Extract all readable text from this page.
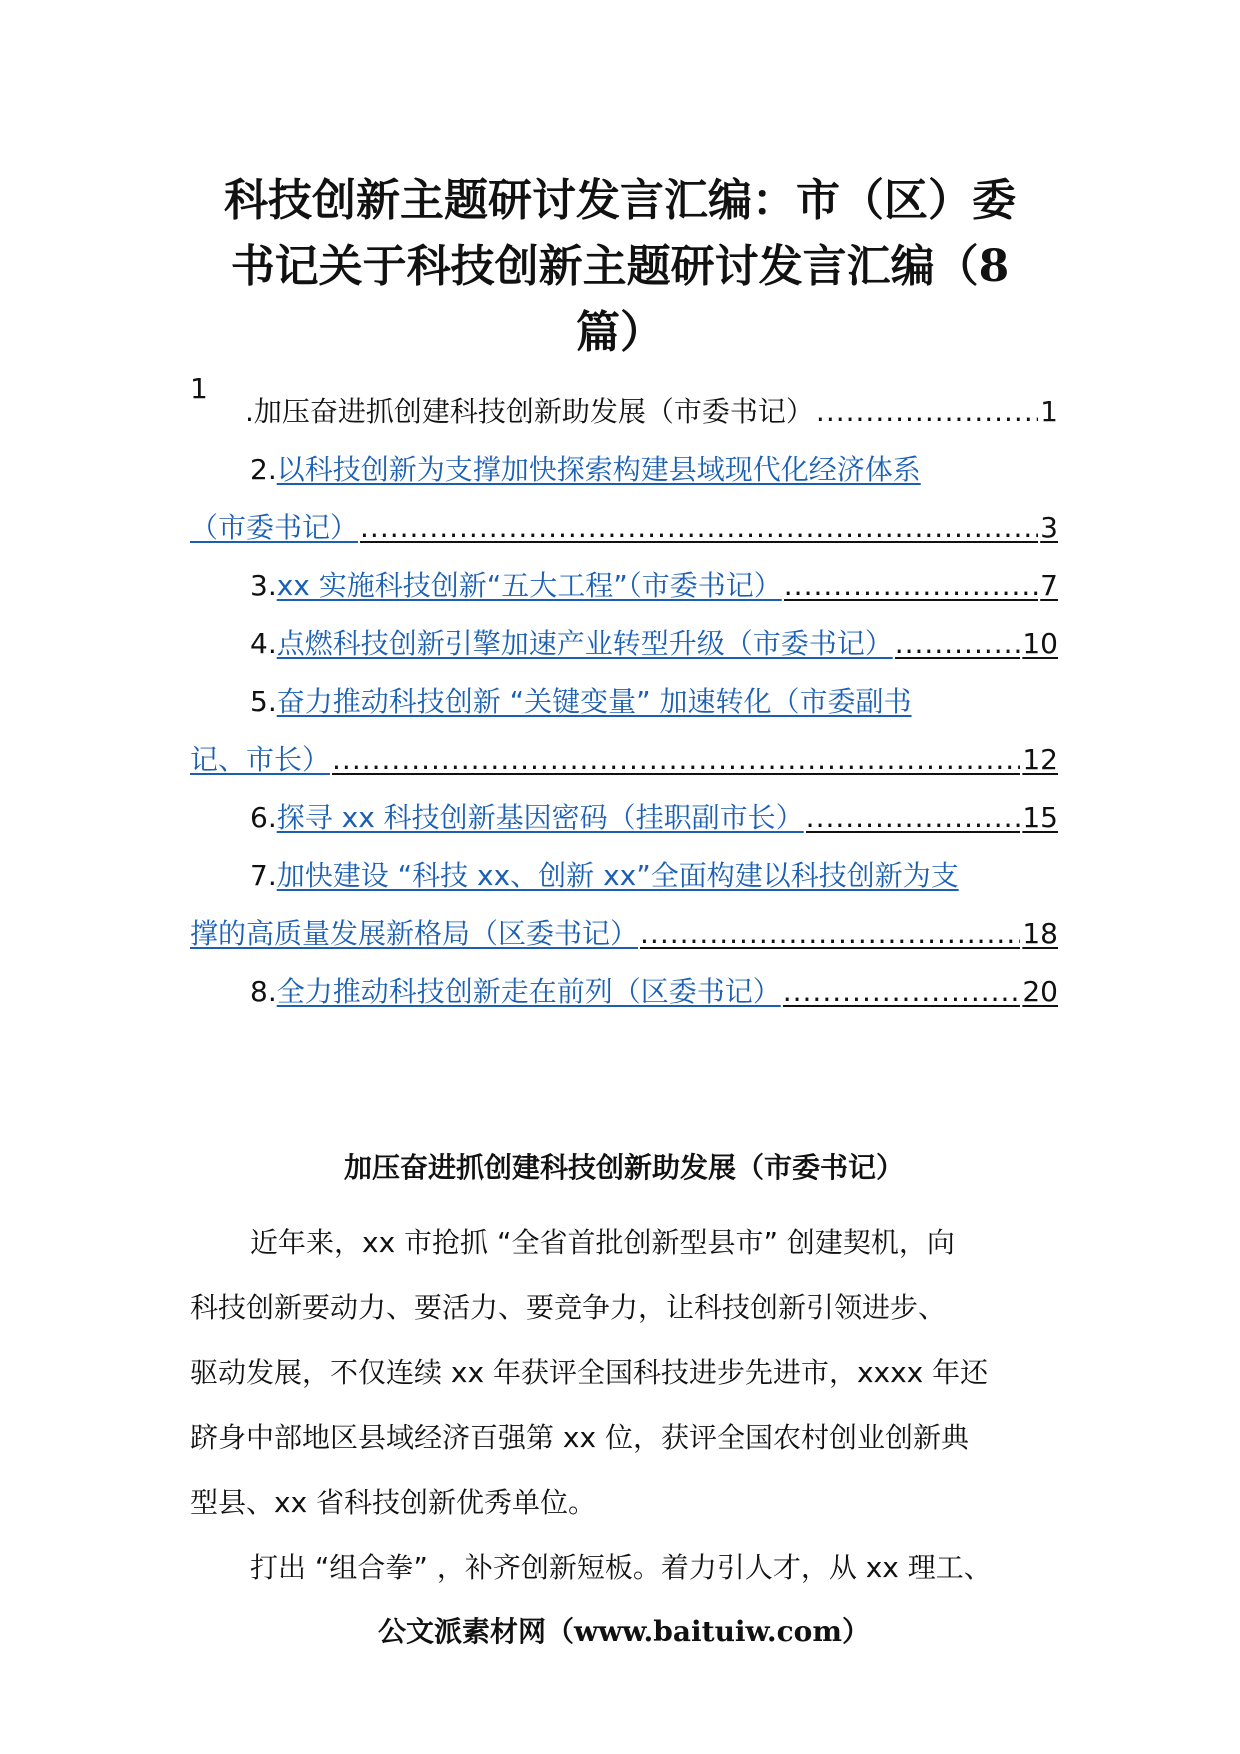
科技创新主题研讨发言汇编：市（区）委
书记关于科技创新主题研讨发言汇编（8
篇）
1
. 加压奋进抓创建科技创新助发展（市委书记） .....	1
2. 以科技创新为支撑加快探索构建县域现代化经济体系
（市委书记） .....	3
3. xx 实施科技创新“五大工程”（市委书记） .....	7
4. 点燃科技创新引擎加速产业转型升级（市委书记） .....	10
5. 奋力推动科技创新 “关键变量” 加速转化（市委副书
记、市长） .....	12
6. 探寻 xx 科技创新基因密码（挂职副市长） .....	15
7. 加快建设 “科技 xx、创新 xx”全面构建以科技创新为支
撑的高质量发展新格局（区委书记） .....	18
8. 全力推动科技创新走在前列（区委书记） .....	20
加压奋进抓创建科技创新助发展（市委书记）

近年来，xx 市抢抓 “全省首批创新型县市” 创建契机，向
科技创新要动力、要活力、要竞争力，让科技创新引领进步、
驱动发展，不仅连续 xx 年获评全国科技进步先进市，xxxx 年还
跻身中部地区县域经济百强第 xx 位，获评全国农村创业创新典
型县、xx 省科技创新优秀单位。

打出 “组合拳” ，补齐创新短板。着力引人才，从 xx 理工、

公文派素材网（www.baituiw.com）
